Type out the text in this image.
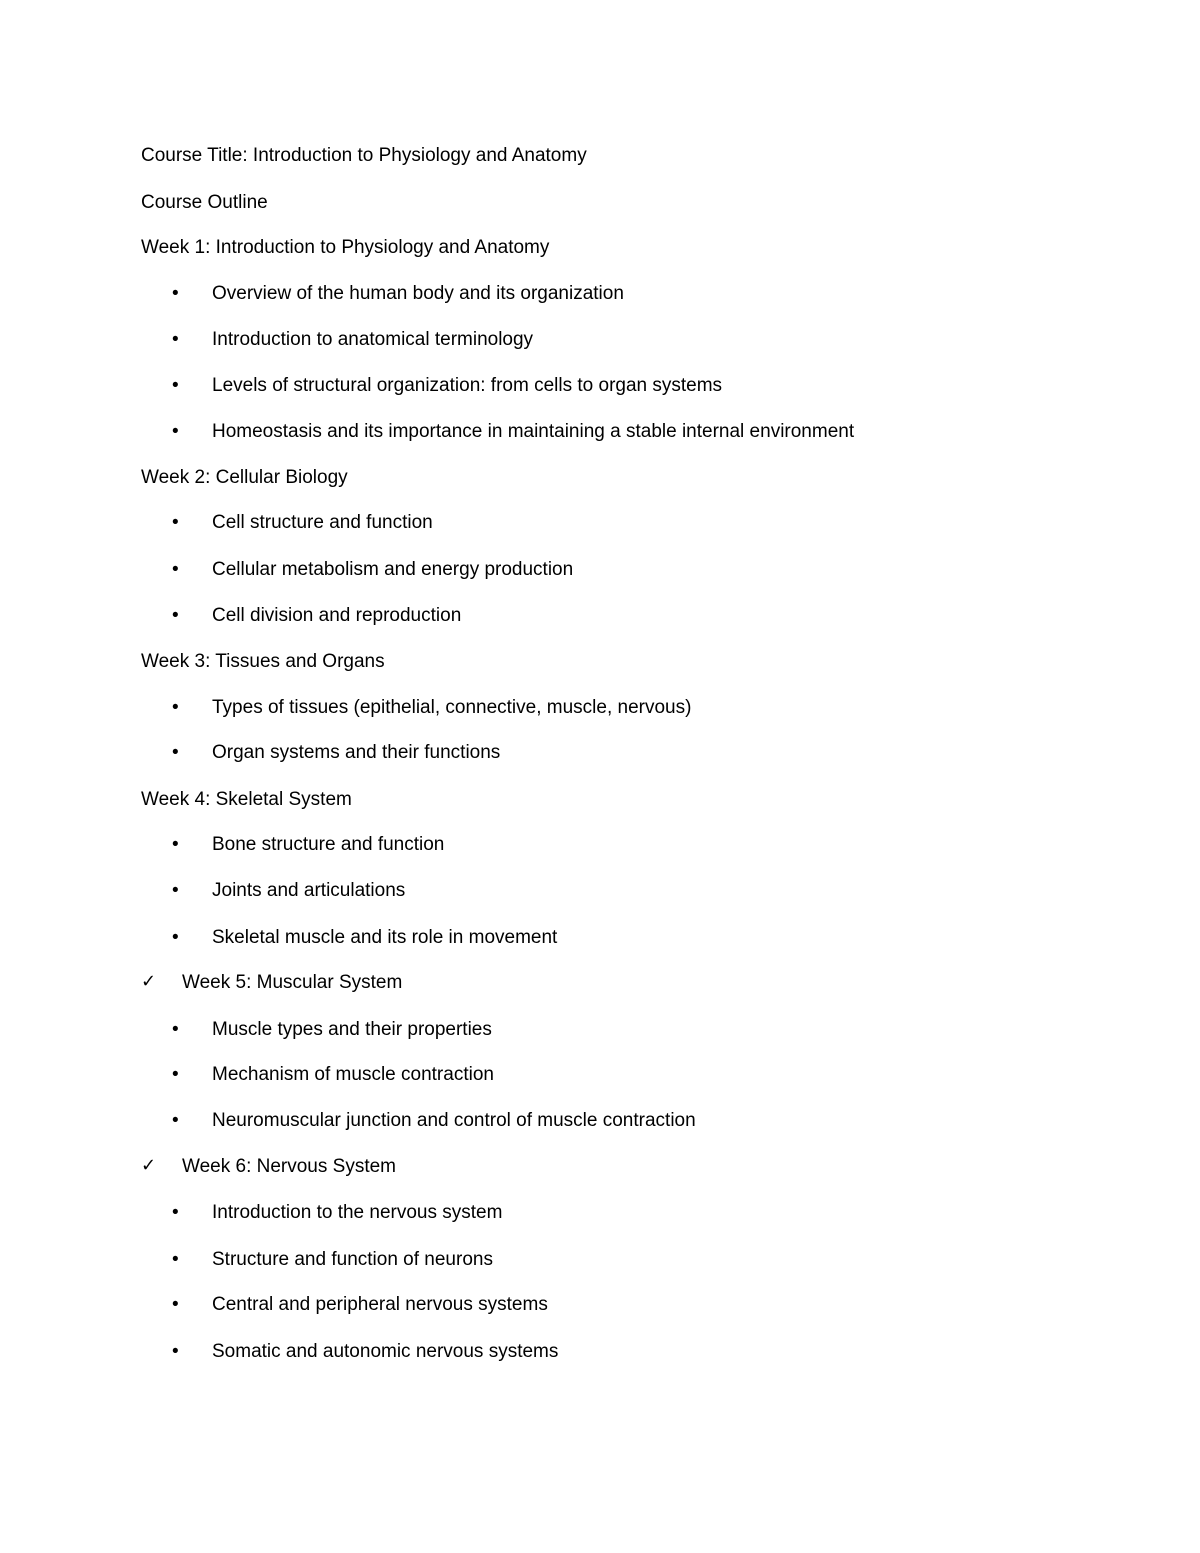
Course Title: Introduction to Physiology and Anatomy
Course Outline
Week 1: Introduction to Physiology and Anatomy
• Overview of the human body and its organization
• Introduction to anatomical terminology
• Levels of structural organization: from cells to organ systems
• Homeostasis and its importance in maintaining a stable internal environment
Week 2: Cellular Biology
• Cell structure and function
• Cellular metabolism and energy production
• Cell division and reproduction
Week 3: Tissues and Organs
• Types of tissues (epithelial, connective, muscle, nervous)
• Organ systems and their functions
Week 4: Skeletal System
• Bone structure and function
• Joints and articulations
• Skeletal muscle and its role in movement
✓ Week 5: Muscular System
• Muscle types and their properties
• Mechanism of muscle contraction
• Neuromuscular junction and control of muscle contraction
✓ Week 6: Nervous System
• Introduction to the nervous system
• Structure and function of neurons
• Central and peripheral nervous systems
• Somatic and autonomic nervous systems
